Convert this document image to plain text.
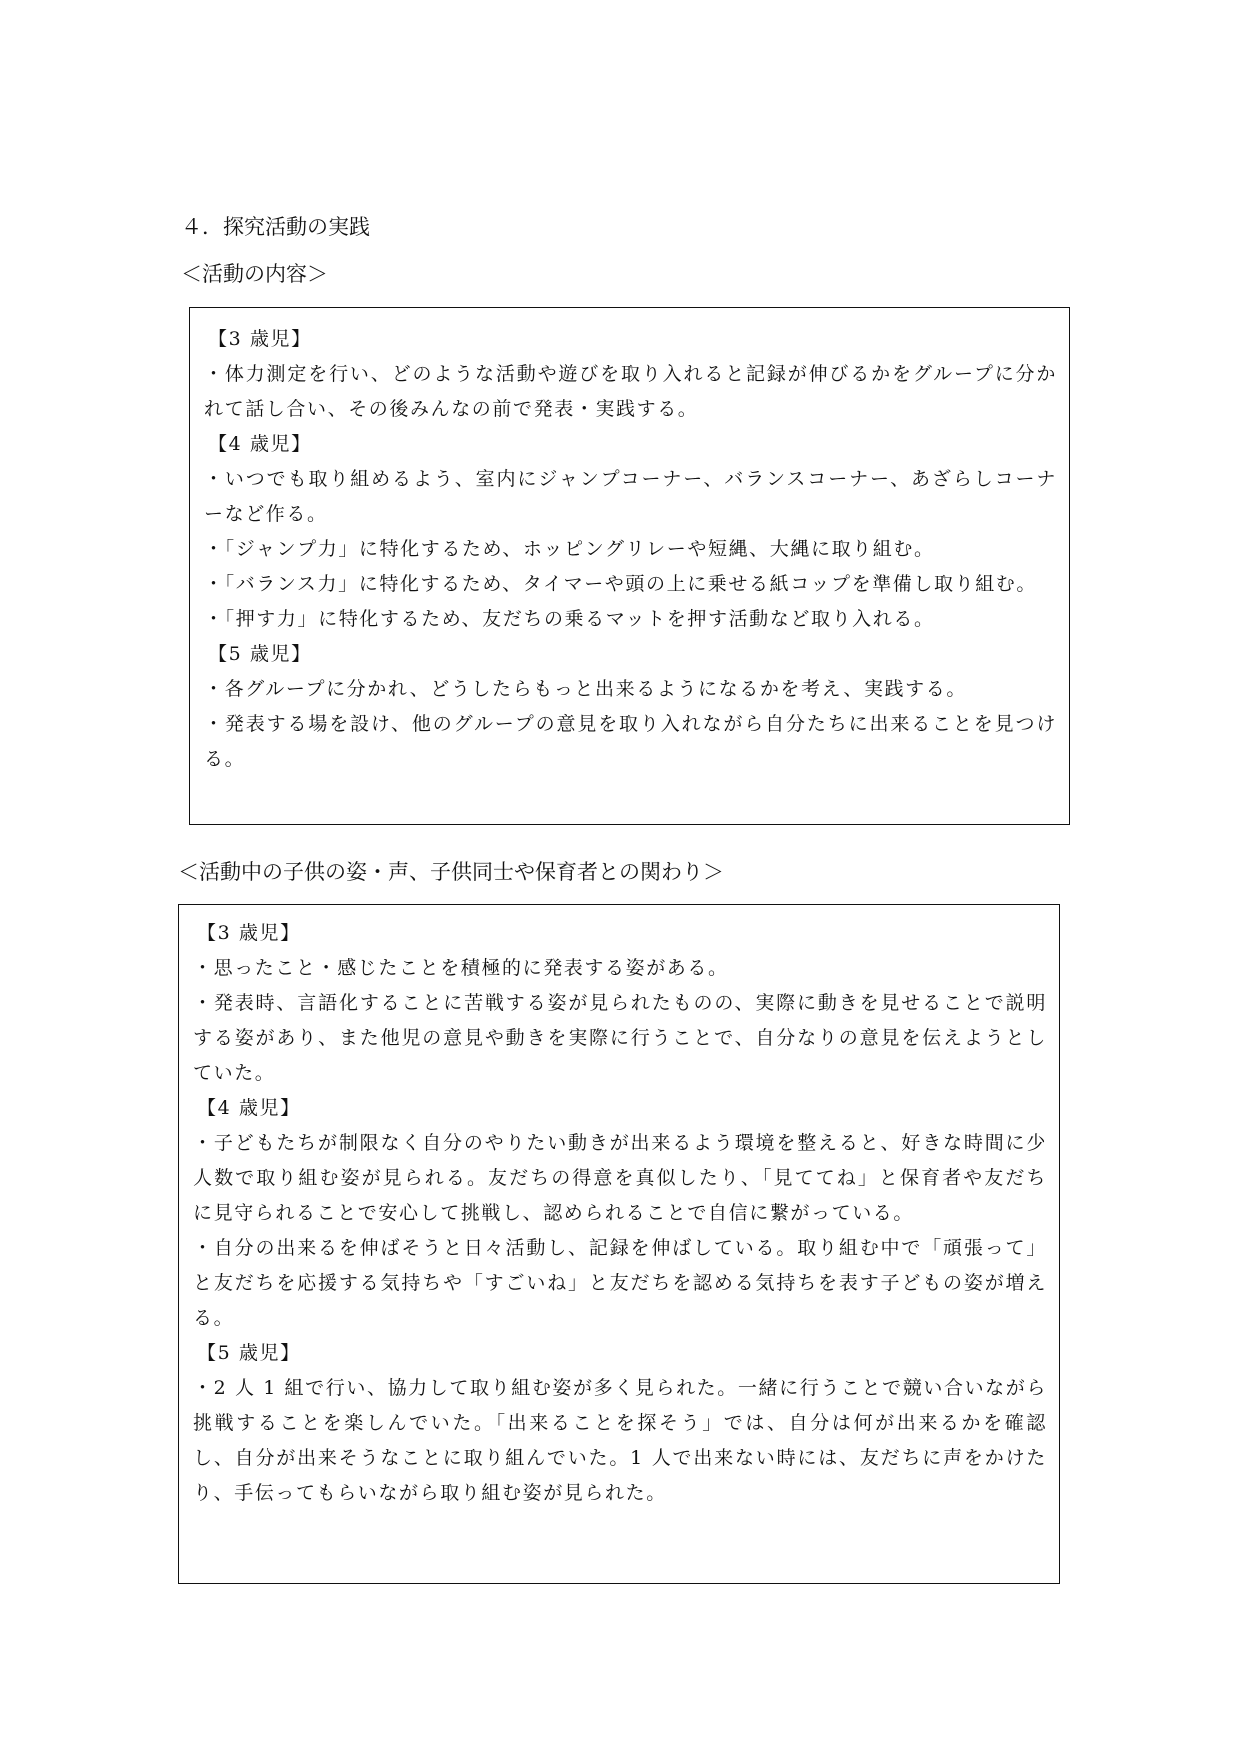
４．探究活動の実践
＜活動の内容＞
【3 歳児】
・体力測定を行い、どのような活動や遊びを取り入れると記録が伸びるかをグループに分かれて話し合い、その後みんなの前で発表・実践する。
【4 歳児】
・いつでも取り組めるよう、室内にジャンプコーナー、バランスコーナー、あざらしコーナーなど作る。
・「ジャンプ力」に特化するため、ホッピングリレーや短縄、大縄に取り組む。
・「バランス力」に特化するため、タイマーや頭の上に乗せる紙コップを準備し取り組む。
・「押す力」に特化するため、友だちの乗るマットを押す活動など取り入れる。
【5 歳児】
・各グループに分かれ、どうしたらもっと出来るようになるかを考え、実践する。
・発表する場を設け、他のグループの意見を取り入れながら自分たちに出来ることを見つける。
＜活動中の子供の姿・声、子供同士や保育者との関わり＞
【3 歳児】
・思ったこと・感じたことを積極的に発表する姿がある。
・発表時、言語化することに苦戦する姿が見られたものの、実際に動きを見せることで説明する姿があり、また他児の意見や動きを実際に行うことで、自分なりの意見を伝えようとしていた。
【4 歳児】
・子どもたちが制限なく自分のやりたい動きが出来るよう環境を整えると、好きな時間に少人数で取り組む姿が見られる。友だちの得意を真似したり、「見ててね」と保育者や友だちに見守られることで安心して挑戦し、認められることで自信に繋がっている。
・自分の出来るを伸ばそうと日々活動し、記録を伸ばしている。取り組む中で「頑張って」と友だちを応援する気持ちや「すごいね」と友だちを認める気持ちを表す子どもの姿が増える。
【5 歳児】
・2 人 1 組で行い、協力して取り組む姿が多く見られた。一緒に行うことで競い合いながら挑戦することを楽しんでいた。「出来ることを探そう」では、自分は何が出来るかを確認し、自分が出来そうなことに取り組んでいた。1 人で出来ない時には、友だちに声をかけたり、手伝ってもらいながら取り組む姿が見られた。
